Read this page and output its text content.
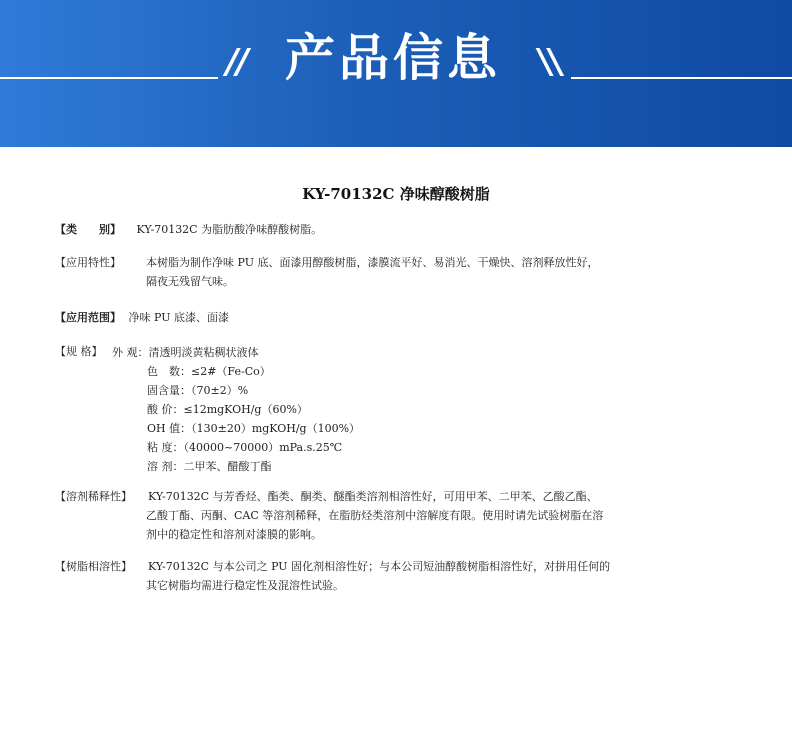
// 产品信息	//
KY-70132C 净味醇酸树脂
【类　　别】 KY-70132C 为脂肪酸净味醇酸树脂。
【应用特性】 本树脂为制作净味 PU 底、面漆用醇酸树脂，漆膜流平好、易消光、干燥快、溶剂释放性好，
隔夜无残留气味。
【应用范围】 净味 PU 底漆、面漆
【规 格】 外 观：清透明淡黄粘稠状液体
色　数：≤2#（Fe-Co）
固含量：（70±2）%
酸 价：≤12mgKOH/g（60%）
OH 值：（130±20）mgKOH/g（100%）
粘 度：（40000~70000）mPa.s.25℃
溶 剂：二甲苯、醋酸丁酯
【溶剂稀释性】 KY-70132C 与芳香烃、酯类、酮类、醚酯类溶剂相溶性好，可用甲苯、二甲苯、乙酸乙酯、
乙酸丁酯、丙酮、CAC 等溶剂稀释，在脂肪烃类溶剂中溶解度有限。使用时请先试验树脂在溶
剂中的稳定性和溶剂对漆膜的影响。
【树脂相溶性】 KY-70132C 与本公司之 PU 固化剂相溶性好；与本公司短油醇酸树脂相溶性好，对拼用任何的
其它树脂均需进行稳定性及混溶性试验。
